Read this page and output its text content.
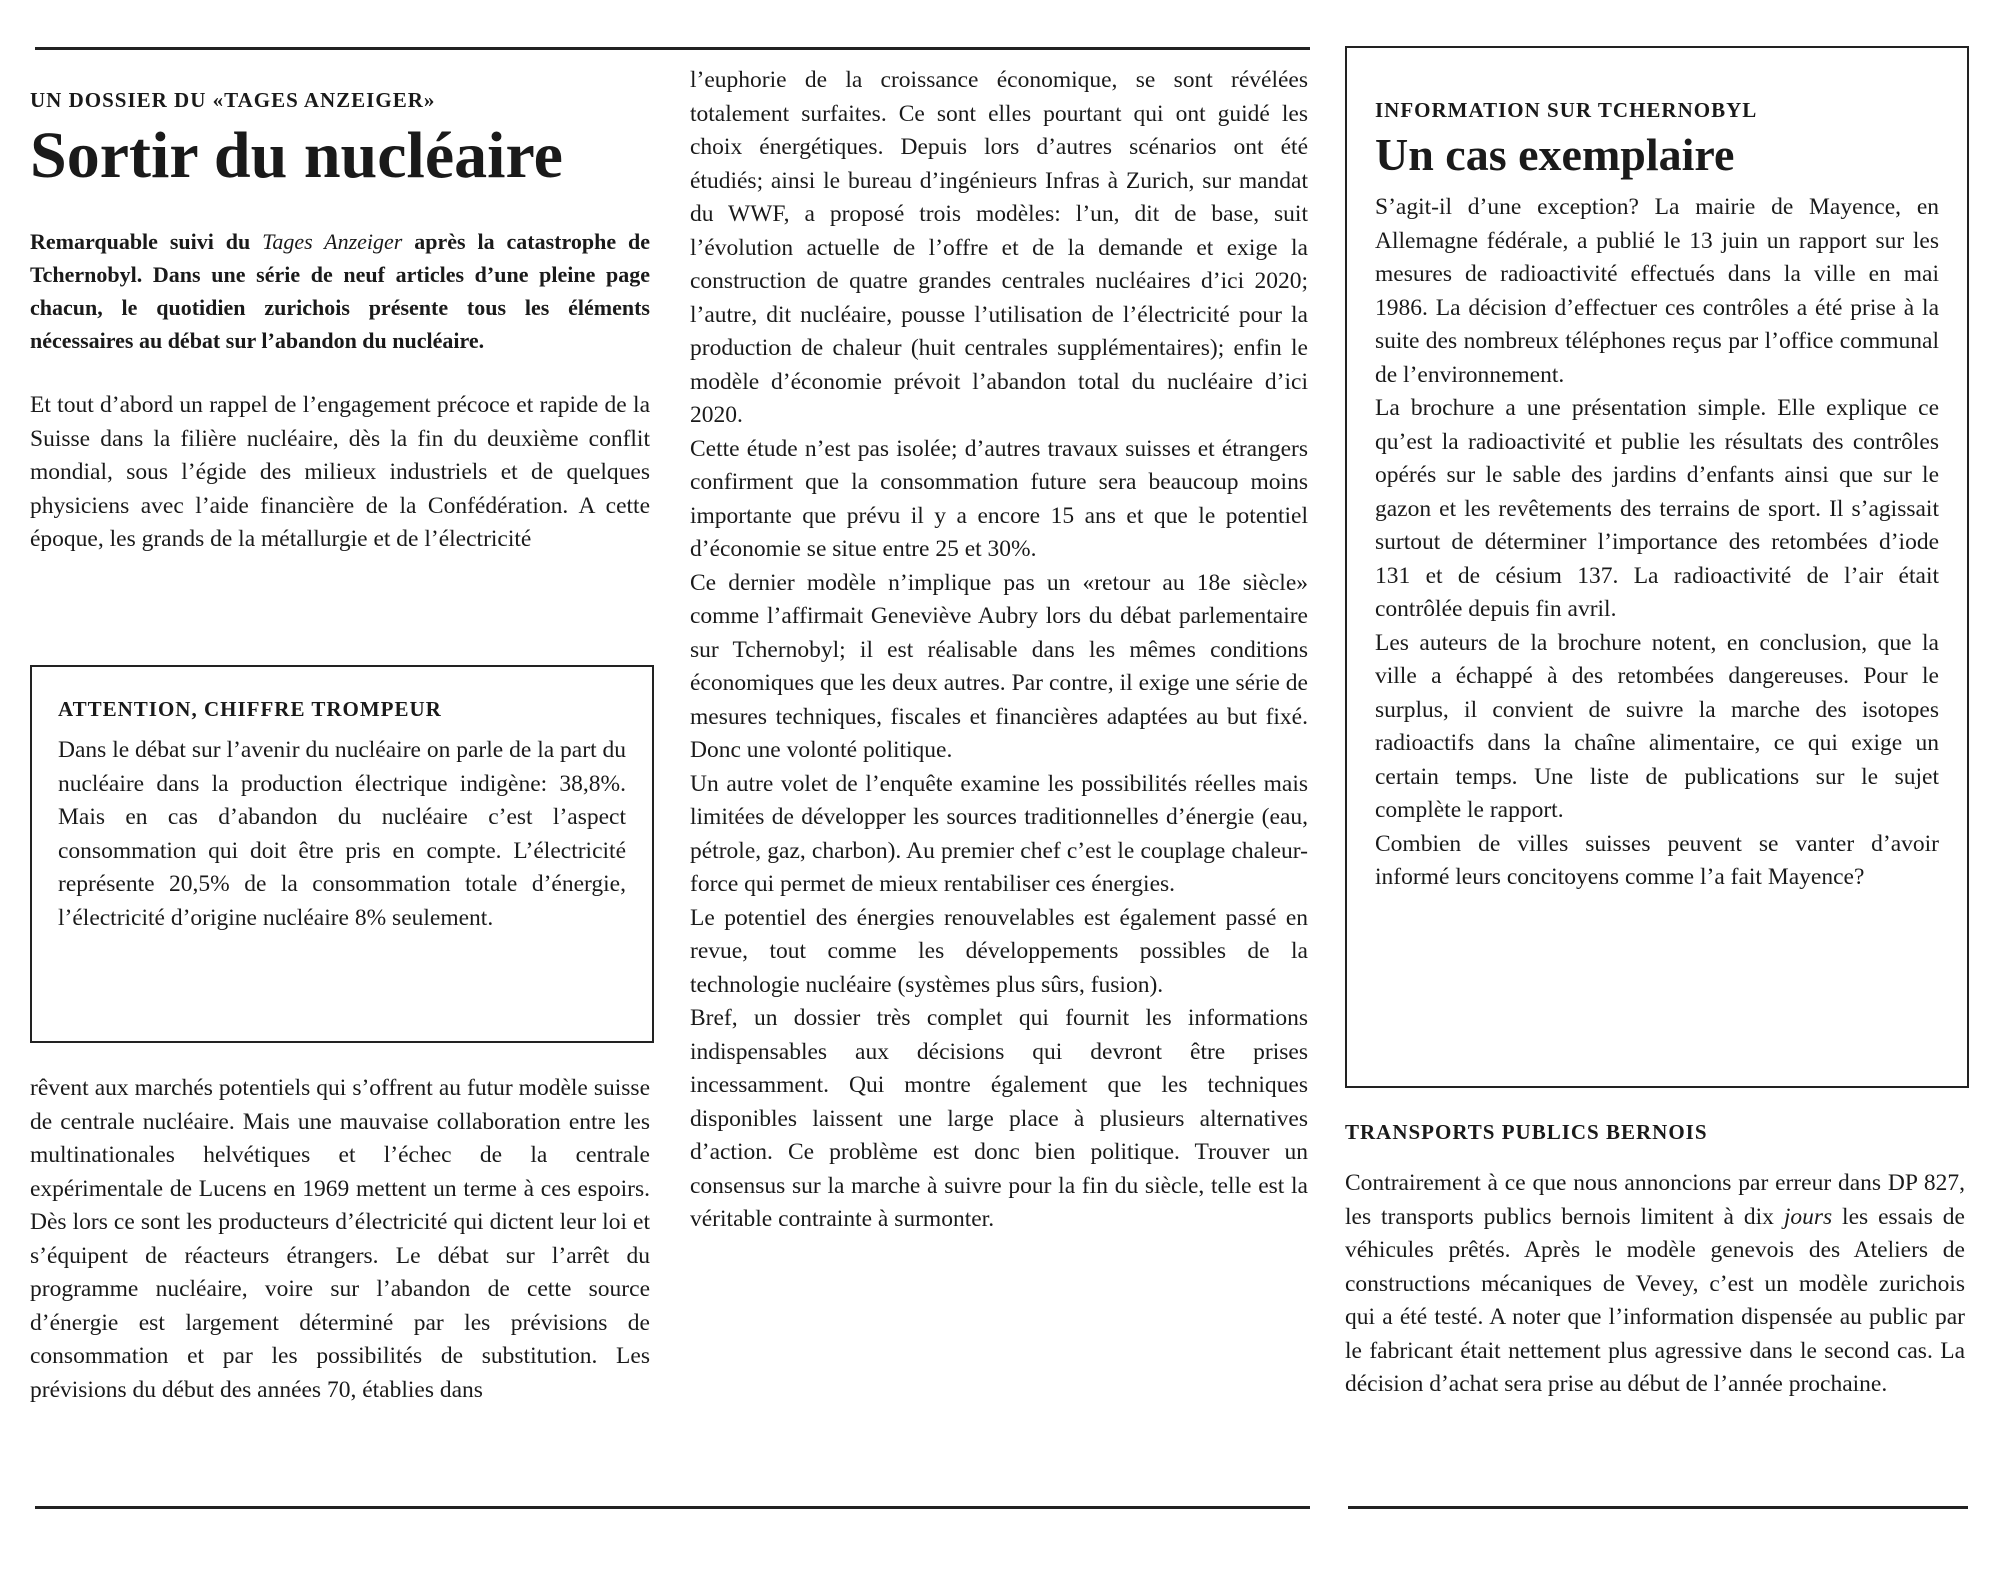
UN DOSSIER DU «TAGES ANZEIGER»
Sortir du nucléaire

Remarquable suivi du Tages Anzeiger après la catastrophe de Tchernobyl. Dans une série de neuf articles d’une pleine page chacun, le quotidien zurichois présente tous les éléments nécessaires au débat sur l’abandon du nucléaire.

Et tout d’abord un rappel de l’engagement précoce et rapide de la Suisse dans la filière nucléaire, dès la fin du deuxième conflit mondial, sous l’égide des milieux industriels et de quelques physiciens avec l’aide financière de la Confédération. A cette époque, les grands de la métallurgie et de l’électricité

ATTENTION, CHIFFRE TROMPEUR

Dans le débat sur l’avenir du nucléaire on parle de la part du nucléaire dans la production électrique indigène: 38,8%. Mais en cas d’abandon du nucléaire c’est l’aspect consommation qui doit être pris en compte. L’électricité représente 20,5% de la consommation totale d’énergie, l’électricité d’origine nucléaire 8% seulement.

rêvent aux marchés potentiels qui s’offrent au futur modèle suisse de centrale nucléaire. Mais une mauvaise collaboration entre les multinationales helvétiques et l’échec de la centrale expérimentale de Lucens en 1969 mettent un terme à ces espoirs. Dès lors ce sont les producteurs d’électricité qui dictent leur loi et s’équipent de réacteurs étrangers. Le débat sur l’arrêt du programme nucléaire, voire sur l’abandon de cette source d’énergie est largement déterminé par les prévisions de consommation et par les possibilités de substitution. Les prévisions du début des années 70, établies dans

l’euphorie de la croissance économique, se sont révélées totalement surfaites. Ce sont elles pourtant qui ont guidé les choix énergétiques. Depuis lors d’autres scénarios ont été étudiés; ainsi le bureau d’ingénieurs Infras à Zurich, sur mandat du WWF, a proposé trois modèles: l’un, dit de base, suit l’évolution actuelle de l’offre et de la demande et exige la construction de quatre grandes centrales nucléaires d’ici 2020; l’autre, dit nucléaire, pousse l’utilisation de l’électricité pour la production de chaleur (huit centrales supplémentaires); enfin le modèle d’économie prévoit l’abandon total du nucléaire d’ici 2020.

Cette étude n’est pas isolée; d’autres travaux suisses et étrangers confirment que la consommation future sera beaucoup moins importante que prévu il y a encore 15 ans et que le potentiel d’économie se situe entre 25 et 30%.

Ce dernier modèle n’implique pas un «retour au 18e siècle» comme l’affirmait Geneviève Aubry lors du débat parlementaire sur Tchernobyl; il est réalisable dans les mêmes conditions économiques que les deux autres. Par contre, il exige une série de mesures techniques, fiscales et financières adaptées au but fixé. Donc une volonté politique.

Un autre volet de l’enquête examine les possibilités réelles mais limitées de développer les sources traditionnelles d’énergie (eau, pétrole, gaz, charbon). Au premier chef c’est le couplage chaleur-force qui permet de mieux rentabiliser ces énergies.

Le potentiel des énergies renouvelables est également passé en revue, tout comme les développements possibles de la technologie nucléaire (systèmes plus sûrs, fusion).

Bref, un dossier très complet qui fournit les informations indispensables aux décisions qui devront être prises incessamment. Qui montre également que les techniques disponibles laissent une large place à plusieurs alternatives d’action. Ce problème est donc bien politique. Trouver un consensus sur la marche à suivre pour la fin du siècle, telle est la véritable contrainte à surmonter.

INFORMATION SUR TCHERNOBYL
Un cas exemplaire

S’agit-il d’une exception? La mairie de Mayence, en Allemagne fédérale, a publié le 13 juin un rapport sur les mesures de radioactivité effectués dans la ville en mai 1986. La décision d’effectuer ces contrôles a été prise à la suite des nombreux téléphones reçus par l’office communal de l’environnement.

La brochure a une présentation simple. Elle explique ce qu’est la radioactivité et publie les résultats des contrôles opérés sur le sable des jardins d’enfants ainsi que sur le gazon et les revêtements des terrains de sport. Il s’agissait surtout de déterminer l’importance des retombées d’iode 131 et de césium 137. La radioactivité de l’air était contrôlée depuis fin avril.

Les auteurs de la brochure notent, en conclusion, que la ville a échappé à des retombées dangereuses. Pour le surplus, il convient de suivre la marche des isotopes radioactifs dans la chaîne alimentaire, ce qui exige un certain temps. Une liste de publications sur le sujet complète le rapport.

Combien de villes suisses peuvent se vanter d’avoir informé leurs concitoyens comme l’a fait Mayence?

TRANSPORTS PUBLICS BERNOIS

Contrairement à ce que nous annoncions par erreur dans DP 827, les transports publics bernois limitent à dix jours les essais de véhicules prêtés. Après le modèle genevois des Ateliers de constructions mécaniques de Vevey, c’est un modèle zurichois qui a été testé. A noter que l’information dispensée au public par le fabricant était nettement plus agressive dans le second cas. La décision d’achat sera prise au début de l’année prochaine.
